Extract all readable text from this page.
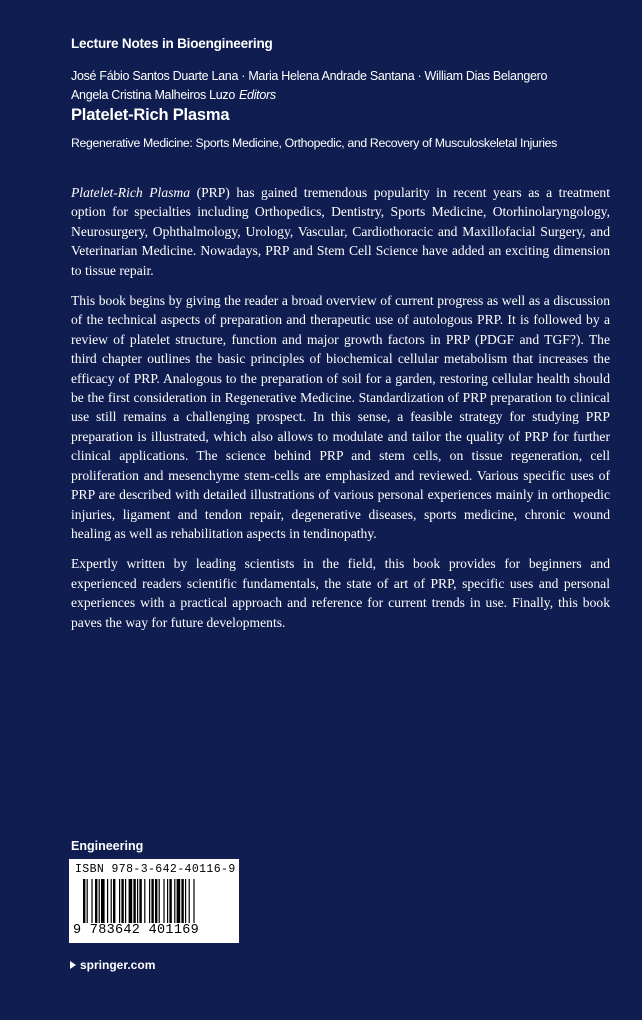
Lecture Notes in Bioengineering
José Fábio Santos Duarte Lana · Maria Helena Andrade Santana · William Dias Belangero
Angela Cristina Malheiros Luzo Editors
Platelet-Rich Plasma
Regenerative Medicine: Sports Medicine, Orthopedic, and Recovery of Musculoskeletal Injuries

Platelet-Rich Plasma (PRP) has gained tremendous popularity in recent years as a treatment option for specialties including Orthopedics, Dentistry, Sports Medicine, Otorhinolaryngology, Neurosurgery, Ophthalmology, Urology, Vascular, Cardiothoracic and Maxillofacial Surgery, and Veterinarian Medicine. Nowadays, PRP and Stem Cell Science have added an exciting dimension to tissue repair.

This book begins by giving the reader a broad overview of current progress as well as a discussion of the technical aspects of preparation and therapeutic use of autologous PRP. It is followed by a review of platelet structure, function and major growth factors in PRP (PDGF and TGF?). The third chapter outlines the basic principles of biochemical cellular metabolism that increases the efficacy of PRP. Analogous to the preparation of soil for a garden, restoring cellular health should be the first consideration in Regenerative Medicine. Standardization of PRP preparation to clinical use still remains a challenging prospect. In this sense, a feasible strategy for studying PRP preparation is illustrated, which also allows to modulate and tailor the quality of PRP for further clinical applications. The science behind PRP and stem cells, on tissue regeneration, cell proliferation and mesenchyme stem-cells are emphasized and reviewed. Various specific uses of PRP are described with detailed illustrations of various personal experiences mainly in orthopedic injuries, ligament and tendon repair, degenerative diseases, sports medicine, chronic wound healing as well as rehabilitation aspects in tendinopathy.

Expertly written by leading scientists in the field, this book provides for beginners and experienced readers scientific fundamentals, the state of art of PRP, specific uses and personal experiences with a practical approach and reference for current trends in use. Finally, this book paves the way for future developments.

Engineering
ISBN 978-3-642-40116-9
9 783642 401169
springer.com
